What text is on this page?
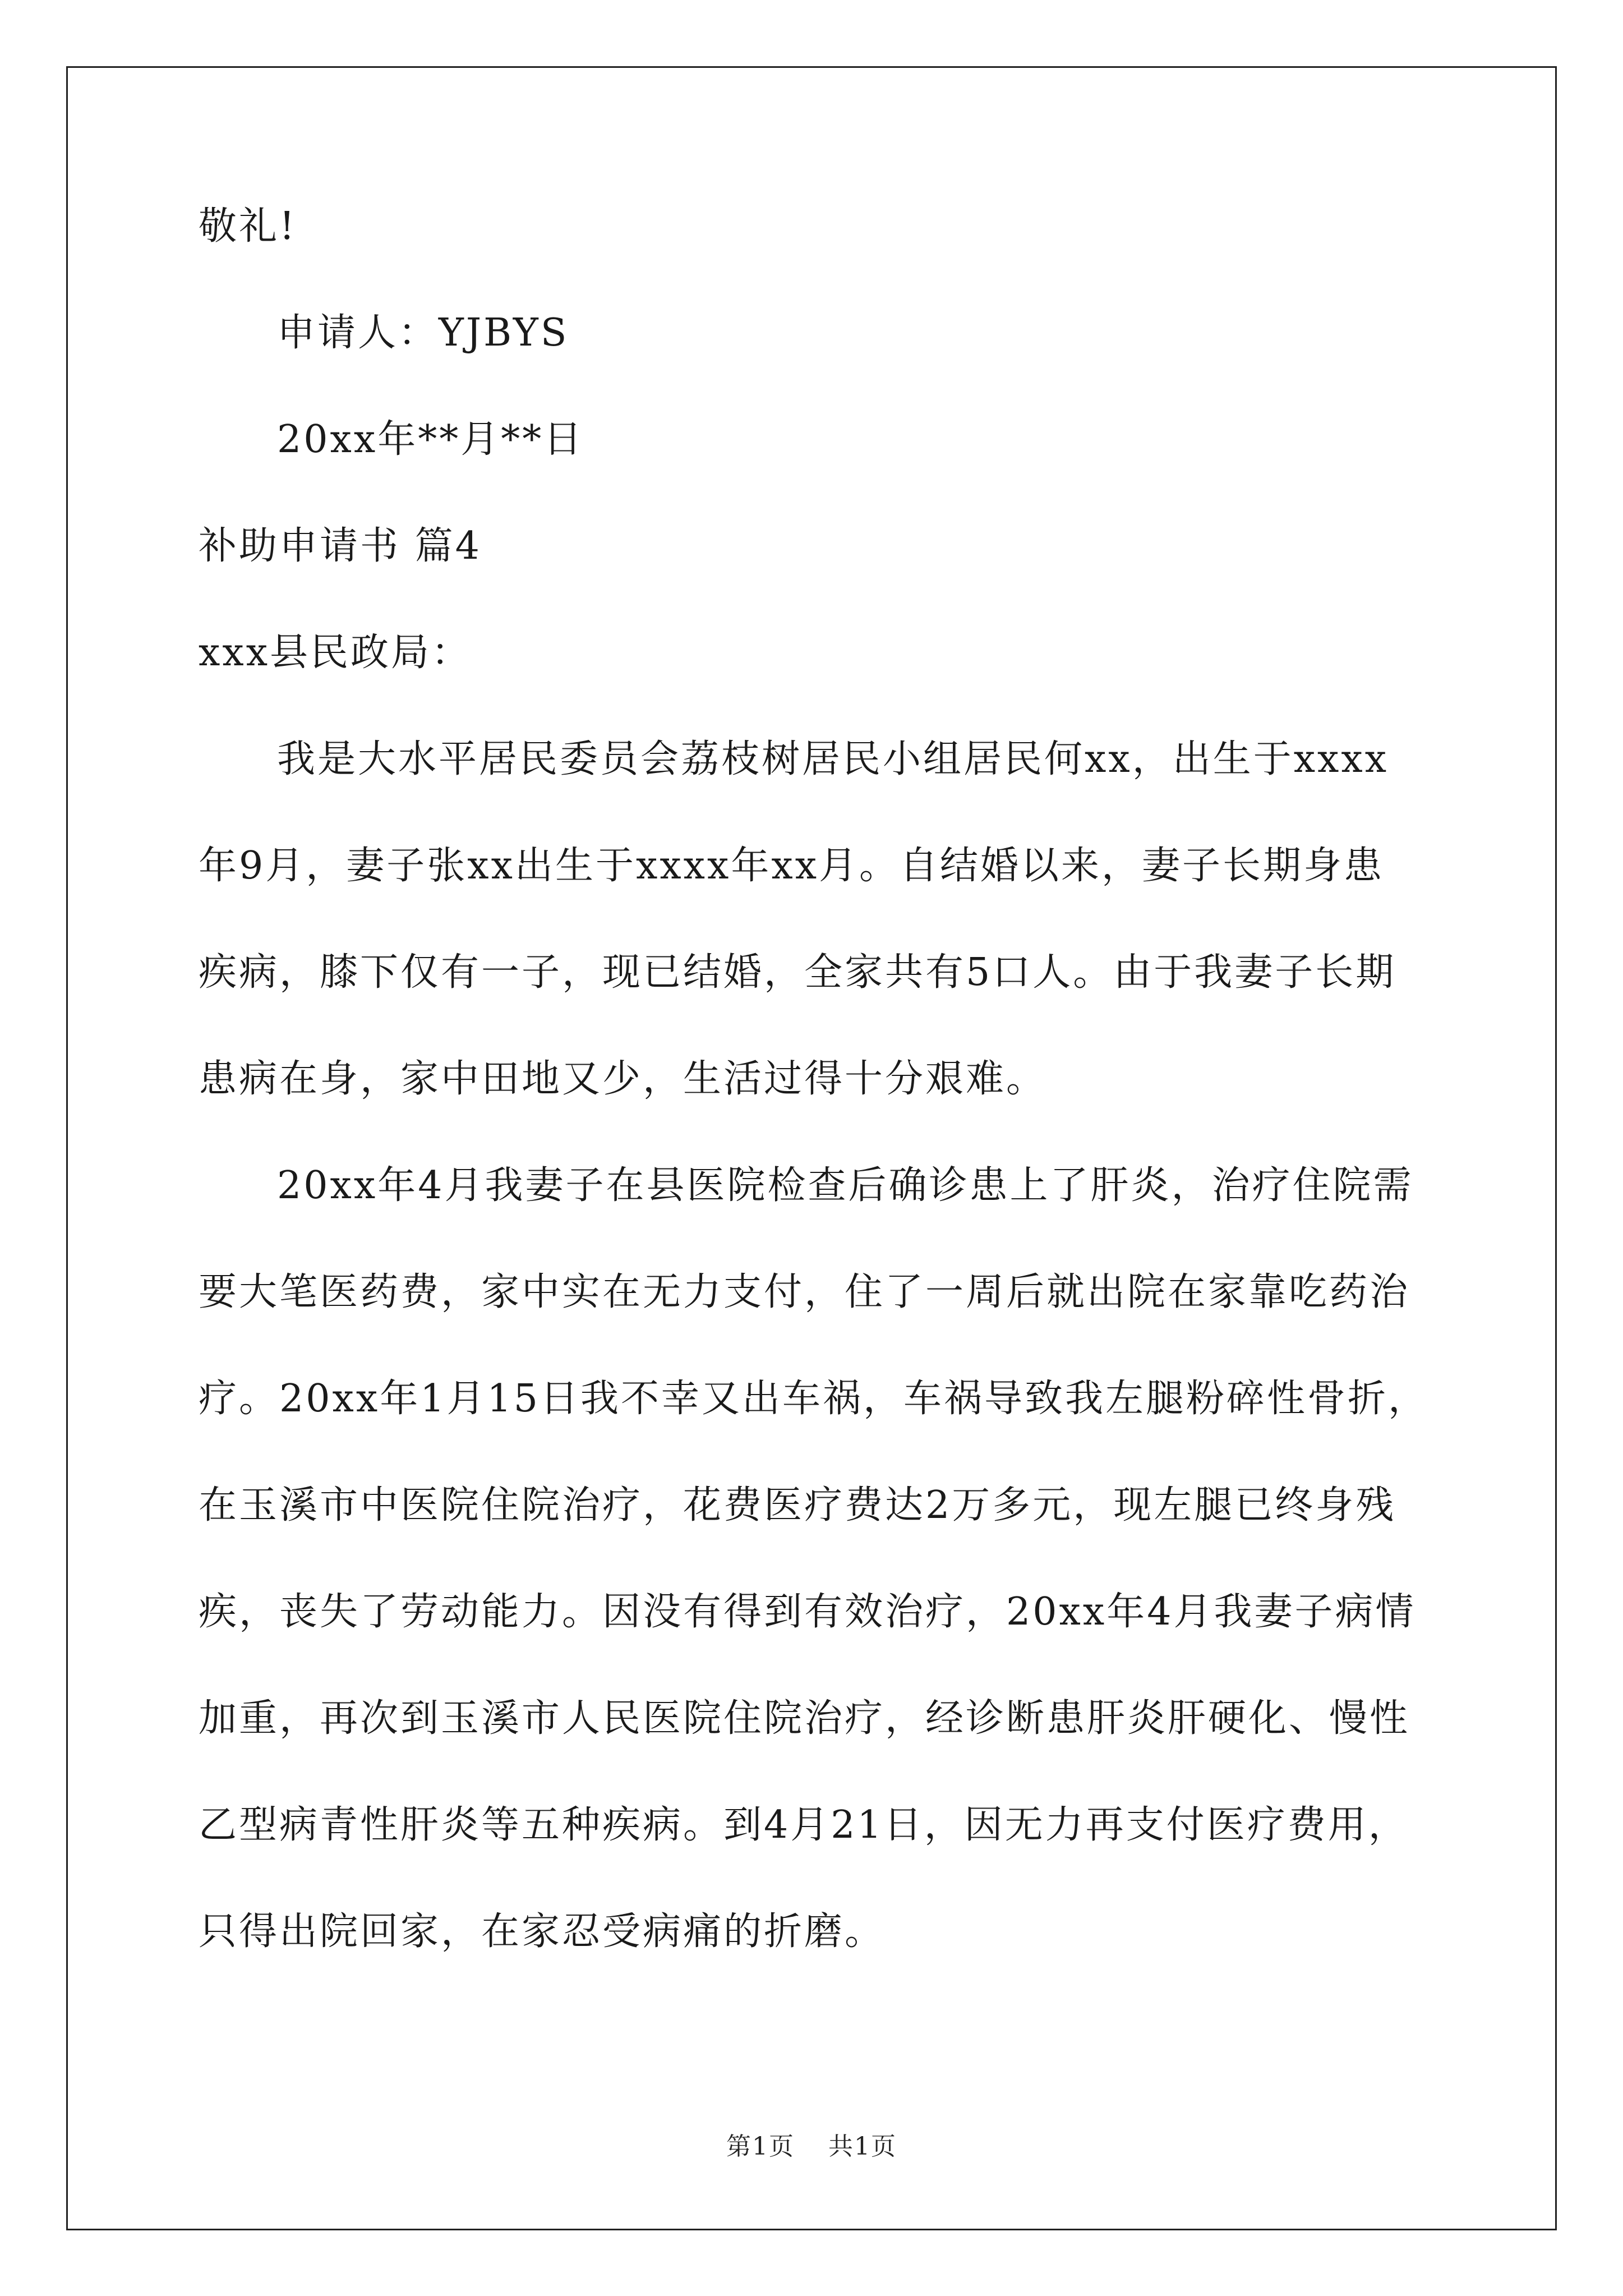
敬礼!
申请人：YJBYS
20xx年**月**日
补助申请书 篇4
xxx县民政局：
我是大水平居民委员会荔枝树居民小组居民何xx，出生于xxxx
年9月，妻子张xx出生于xxxx年xx月。自结婚以来，妻子长期身患
疾病，膝下仅有一子，现已结婚，全家共有5口人。由于我妻子长期
患病在身，家中田地又少，生活过得十分艰难。
20xx年4月我妻子在县医院检查后确诊患上了肝炎，治疗住院需
要大笔医药费，家中实在无力支付，住了一周后就出院在家靠吃药治
疗。20xx年1月15日我不幸又出车祸，车祸导致我左腿粉碎性骨折，
在玉溪市中医院住院治疗，花费医疗费达2万多元，现左腿已终身残
疾，丧失了劳动能力。因没有得到有效治疗，20xx年4月我妻子病情
加重，再次到玉溪市人民医院住院治疗，经诊断患肝炎肝硬化、慢性
乙型病青性肝炎等五种疾病。到4月21日，因无力再支付医疗费用，
只得出院回家，在家忍受病痛的折磨。
第1页 共1页
